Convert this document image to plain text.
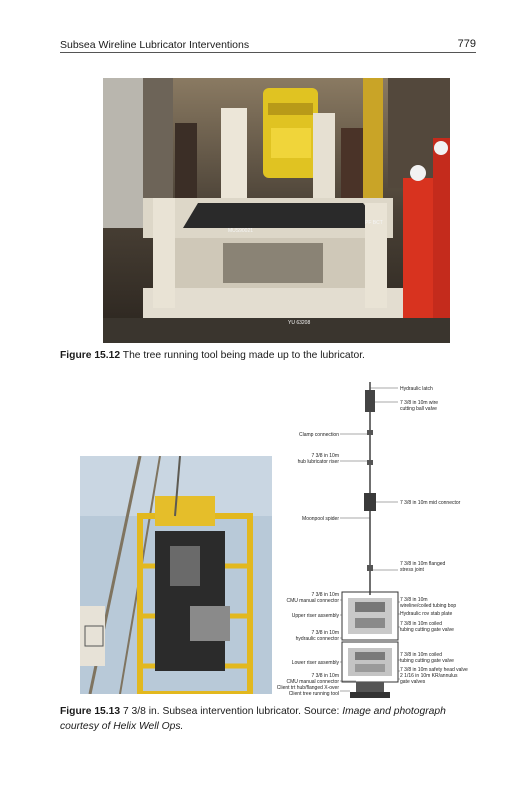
Subsea Wireline Lubricator Interventions	779
MUS90021
YU 63208
PF BCT
Figure 15.12 The tree running tool being made up to the lubricator.
Hydraulic latch
7 3/8 in 10m wire
cutting ball valve
7 3/8 in 10m mid connector
7 3/8 in 10m flanged
stress joint
7 3/8 in 10m
wireline/coiled tubing bop
Hydraulic rov stab plate
7 3/8 in 10m coiled
tubing cutting gate valve
7 3/8 in 10m coiled
tubing cutting gate valve
7 3/8 in 10m safety head valve
2 1/16 in 10m KR/annulus
gate valves
Clamp connection
7 3/8 in 10m
hub lubricator riser
Moonpool spider
7 3/8 in 10m
CMU manual connector
Upper riser assembly
7 3/8 in 10m
hydraulic connector
Lower riser assembly
7 3/8 in 10m
CMU manual connector
Client trt hub/flanged X-over
Client tree running tool
Figure 15.13 7 3/8 in. Subsea intervention lubricator. Source: Image and photograph courtesy of Helix Well Ops.
